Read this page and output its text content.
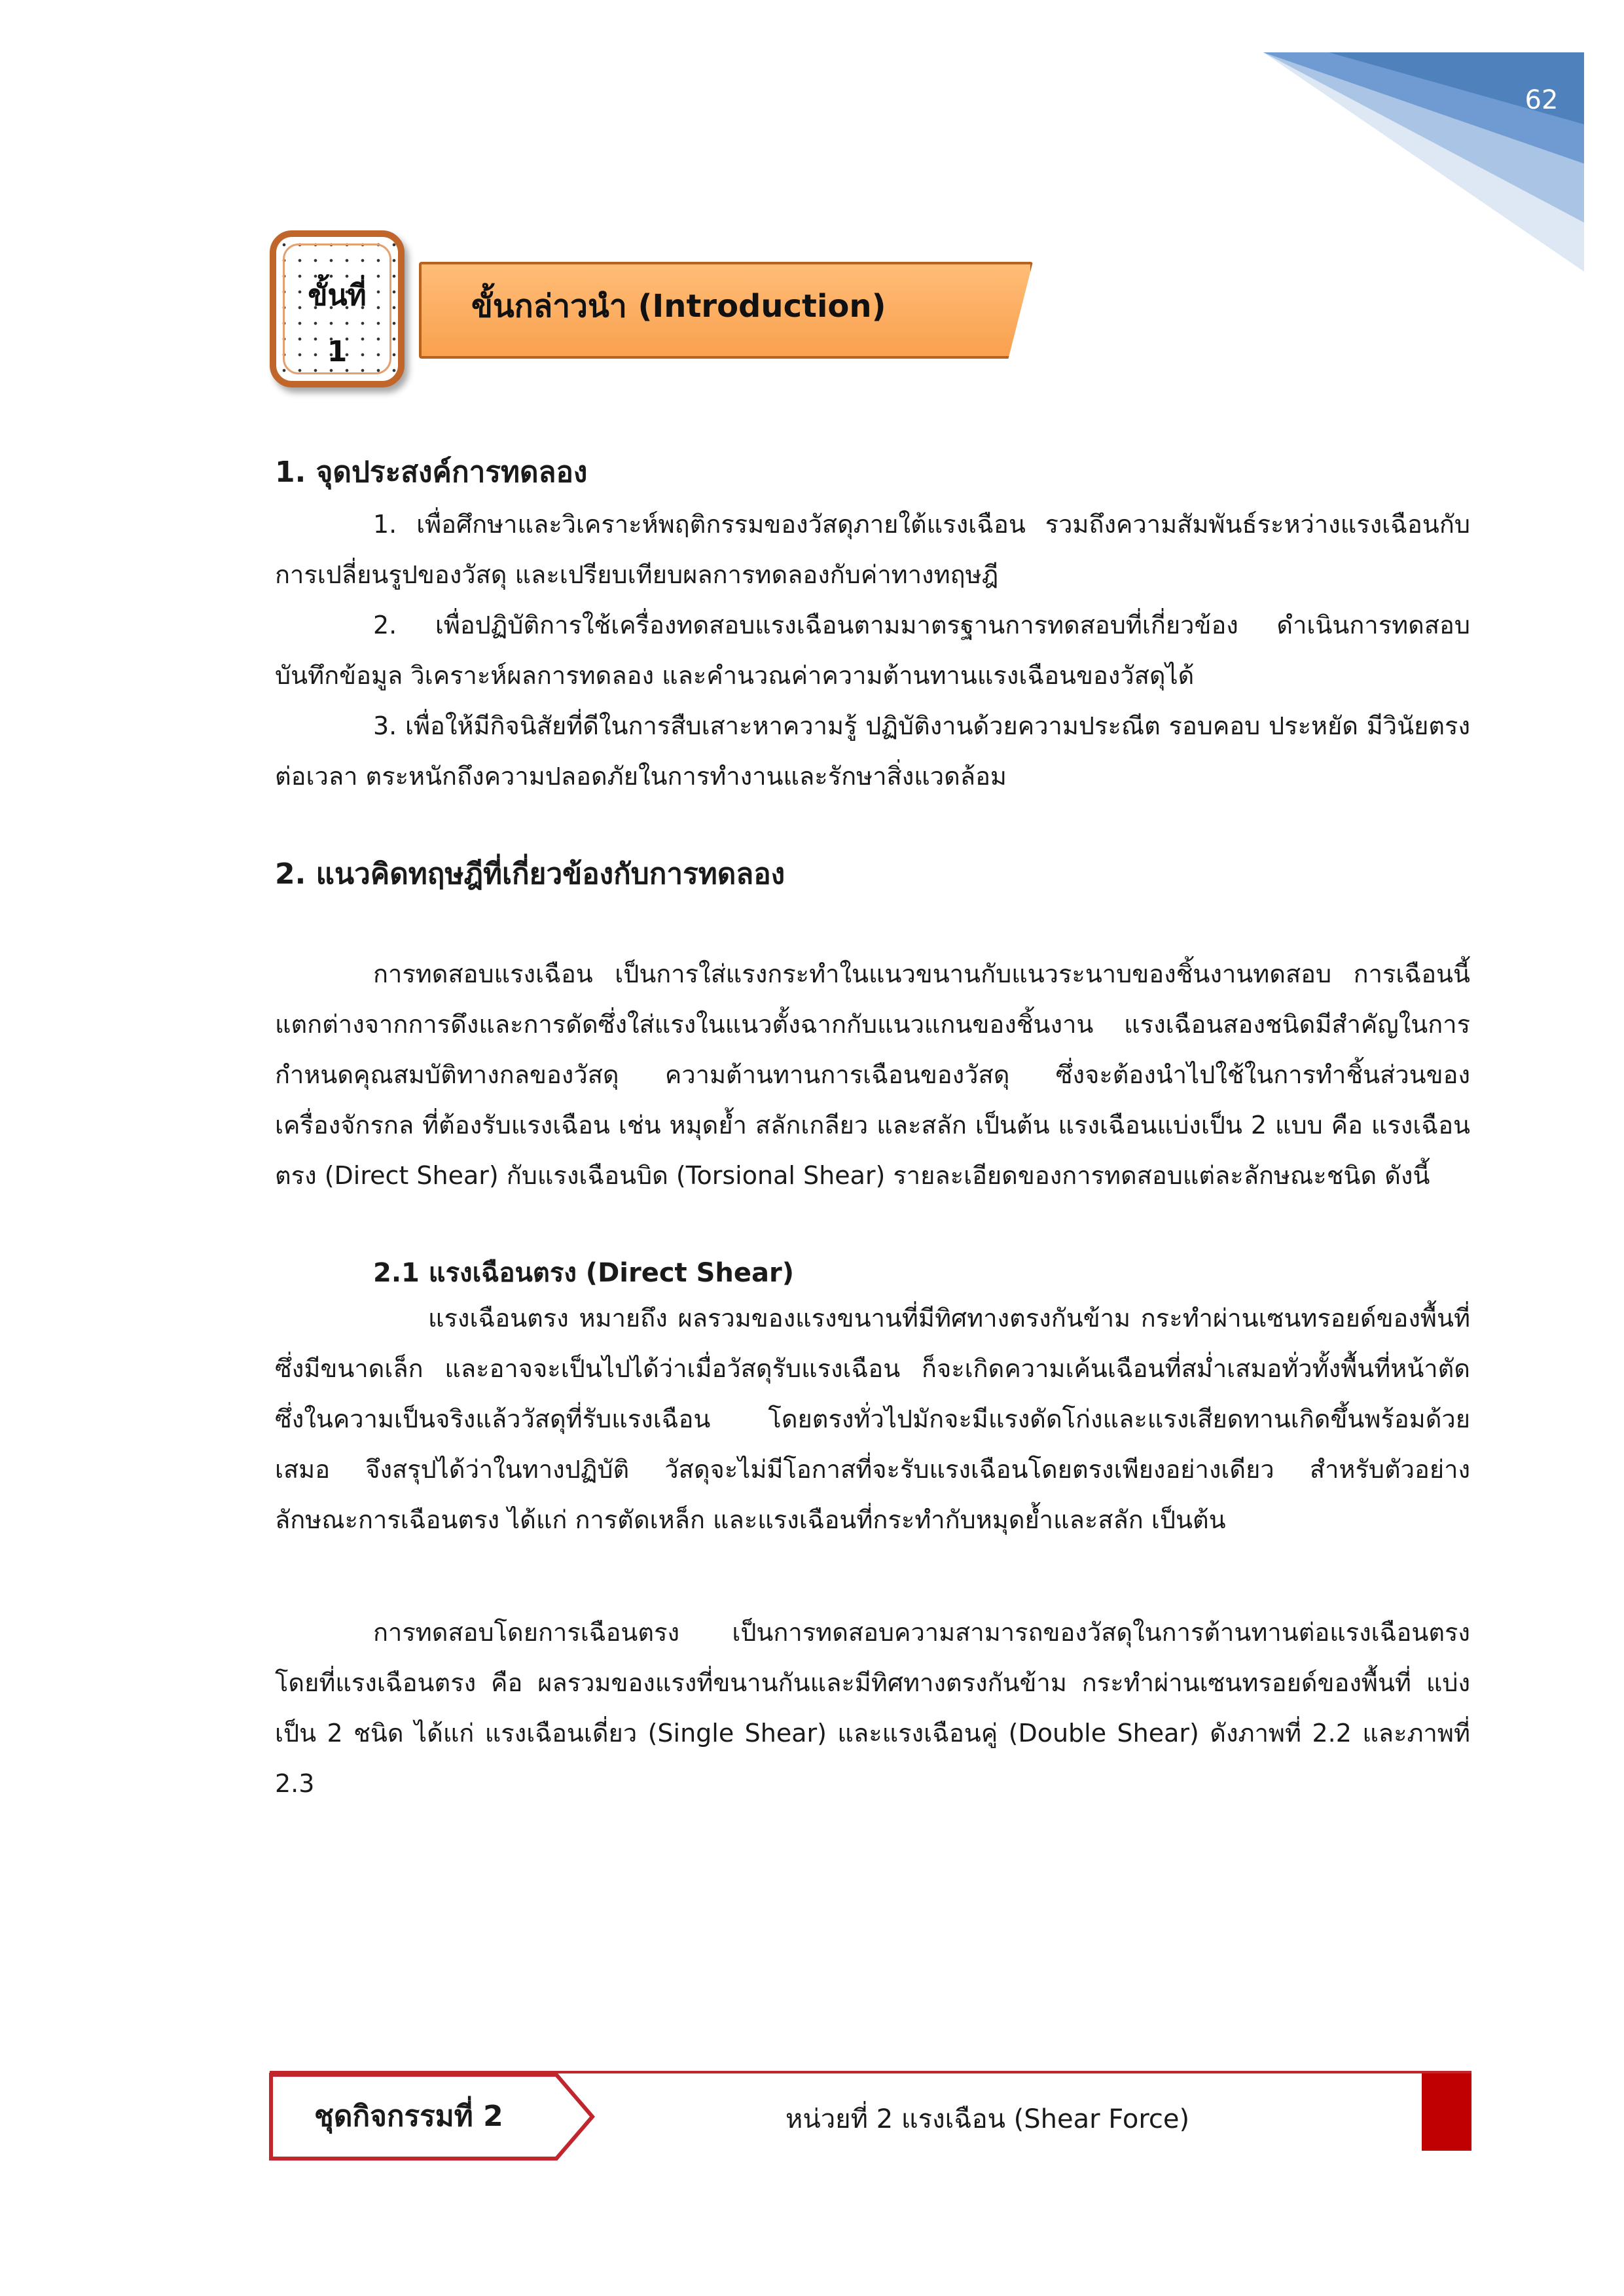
62
ขั้นกล่าวนำ (Introduction)
ขั้นที่
1
1. จุดประสงค์การทดลอง
1. เพื่อศึกษาและวิเคราะห์พฤติกรรมของวัสดุภายใต้แรงเฉือน รวมถึงความสัมพันธ์ระหว่างแรงเฉือนกับการเปลี่ยนรูปของวัสดุ และเปรียบเทียบผลการทดลองกับค่าทางทฤษฎี
2. เพื่อปฏิบัติการใช้เครื่องทดสอบแรงเฉือนตามมาตรฐานการทดสอบที่เกี่ยวข้อง ดำเนินการทดสอบ บันทึกข้อมูล วิเคราะห์ผลการทดลอง และคำนวณค่าความต้านทานแรงเฉือนของวัสดุได้
3. เพื่อให้มีกิจนิสัยที่ดีในการสืบเสาะหาความรู้ ปฏิบัติงานด้วยความประณีต รอบคอบ ประหยัด มีวินัยตรงต่อเวลา ตระหนักถึงความปลอดภัยในการทำงานและรักษาสิ่งแวดล้อม
2. แนวคิดทฤษฎีที่เกี่ยวข้องกับการทดลอง
การทดสอบแรงเฉือน เป็นการใส่แรงกระทำในแนวขนานกับแนวระนาบของชิ้นงานทดสอบ การเฉือนนี้แตกต่างจากการดึงและการดัดซึ่งใส่แรงในแนวตั้งฉากกับแนวแกนของชิ้นงาน แรงเฉือนสองชนิดมีสำคัญในการกำหนดคุณสมบัติทางกลของวัสดุ ความต้านทานการเฉือนของวัสดุ ซึ่งจะต้องนำไปใช้ในการทำชิ้นส่วนของเครื่องจักรกล ที่ต้องรับแรงเฉือน เช่น หมุดย้ำ สลักเกลียว และสลัก เป็นต้น แรงเฉือนแบ่งเป็น 2 แบบ คือ แรงเฉือนตรง (Direct Shear) กับแรงเฉือนบิด (Torsional Shear) รายละเอียดของการทดสอบแต่ละลักษณะชนิด ดังนี้
2.1 แรงเฉือนตรง (Direct Shear)
แรงเฉือนตรง หมายถึง ผลรวมของแรงขนานที่มีทิศทางตรงกันข้าม กระทำผ่านเซนทรอยด์ของพื้นที่ซึ่งมีขนาดเล็ก และอาจจะเป็นไปได้ว่าเมื่อวัสดุรับแรงเฉือน ก็จะเกิดความเค้นเฉือนที่สม่ำเสมอทั่วทั้งพื้นที่หน้าตัด ซึ่งในความเป็นจริงแล้ววัสดุที่รับแรงเฉือน โดยตรงทั่วไปมักจะมีแรงดัดโก่งและแรงเสียดทานเกิดขึ้นพร้อมด้วยเสมอ จึงสรุปได้ว่าในทางปฏิบัติ วัสดุจะไม่มีโอกาสที่จะรับแรงเฉือนโดยตรงเพียงอย่างเดียว สำหรับตัวอย่างลักษณะการเฉือนตรง ได้แก่ การตัดเหล็ก และแรงเฉือนที่กระทำกับหมุดย้ำและสลัก เป็นต้น
การทดสอบโดยการเฉือนตรง เป็นการทดสอบความสามารถของวัสดุในการต้านทานต่อแรงเฉือนตรง โดยที่แรงเฉือนตรง คือ ผลรวมของแรงที่ขนานกันและมีทิศทางตรงกันข้าม กระทำผ่านเซนทรอยด์ของพื้นที่ แบ่งเป็น 2 ชนิด ได้แก่ แรงเฉือนเดี่ยว (Single Shear) และแรงเฉือนคู่ (Double Shear) ดังภาพที่ 2.2 และภาพที่ 2.3
ชุดกิจกรรมที่ 2	หน่วยที่ 2 แรงเฉือน (Shear Force)
